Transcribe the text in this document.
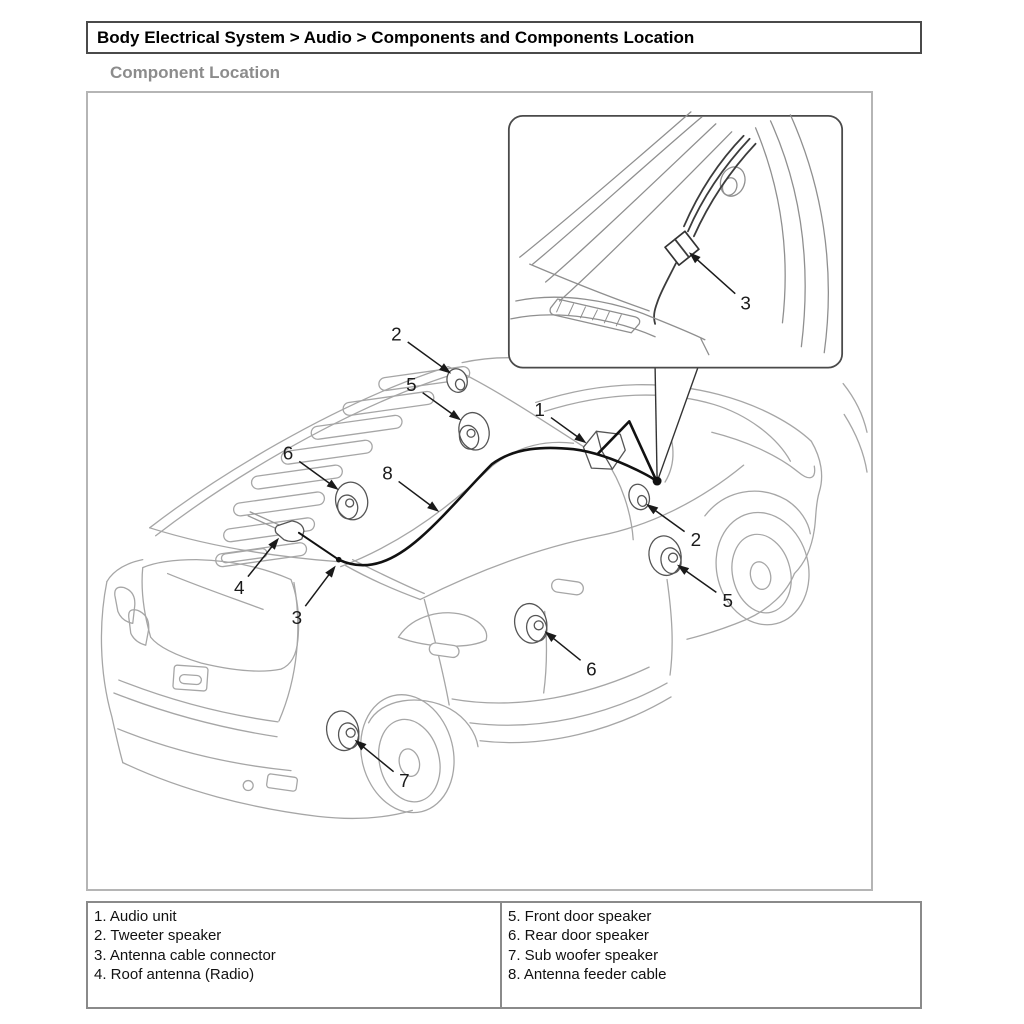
Body Electrical System > Audio > Components and Components Location
Component Location
3
1
2
5
6
8
4
3
2
5
6
7
1. Audio unit
2. Tweeter speaker
3. Antenna cable connector
4. Roof antenna (Radio)
5. Front door speaker
6. Rear door speaker
7. Sub woofer speaker
8. Antenna feeder cable
